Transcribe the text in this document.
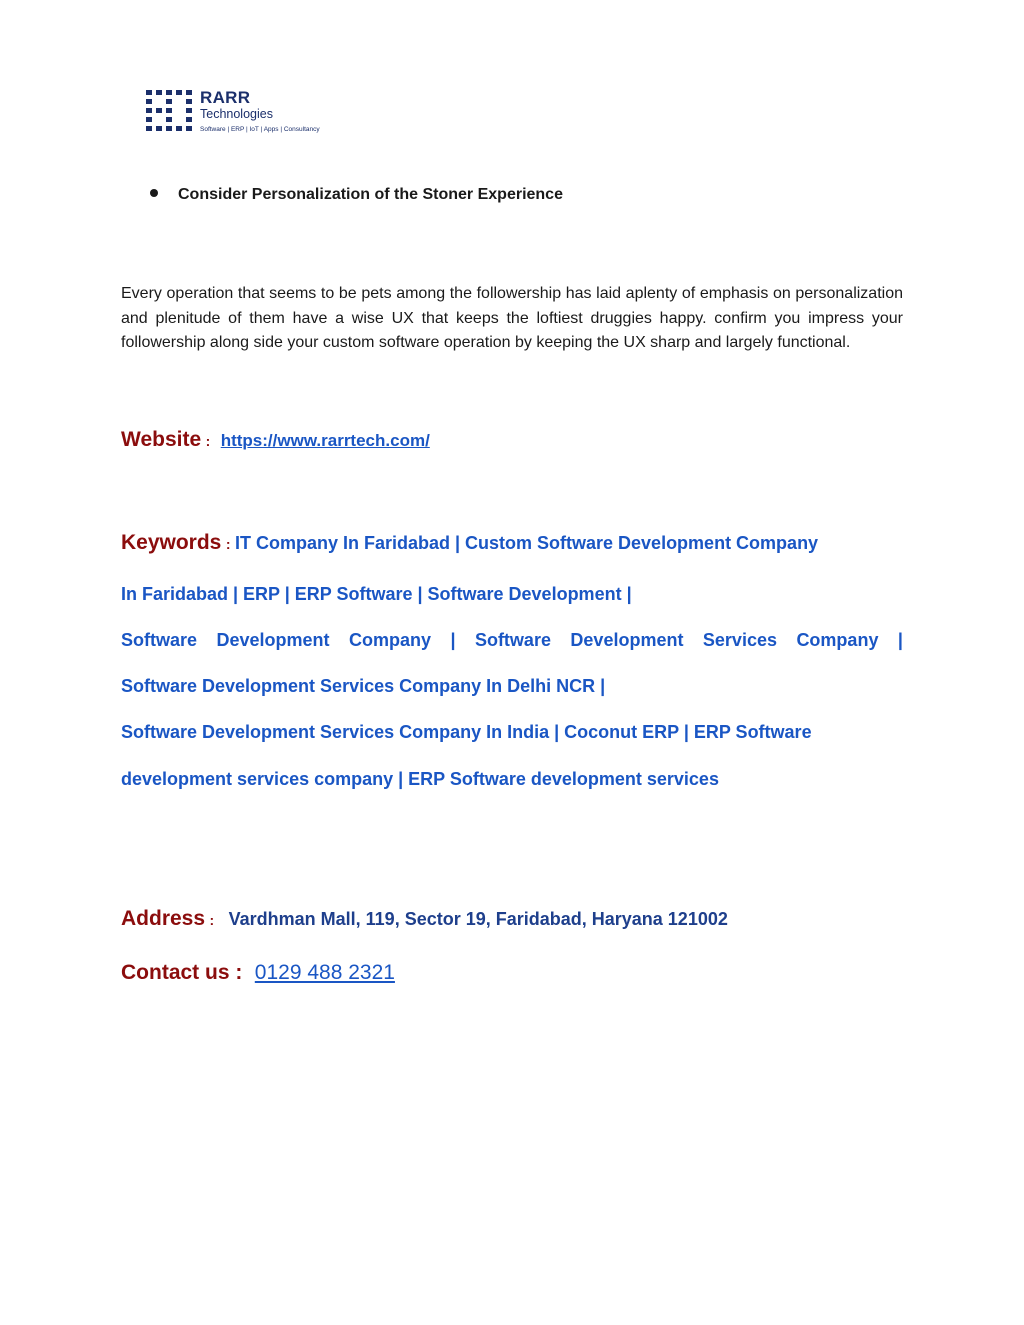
RARR
Technologies
Software | ERP | IoT | Apps | Consultancy
Consider Personalization of the Stoner Experience
Every operation that seems to be pets among the followership has laid aplenty of emphasis on personalization and plenitude of them have a wise UX that keeps the loftiest druggies happy. confirm you impress your followership along side your custom software operation by keeping the UX sharp and largely functional.
Website : https://www.rarrtech.com/
Keywords : IT Company In Faridabad | Custom Software Development Company
In Faridabad | ERP | ERP Software | Software Development |
Software Development Company | Software Development Services Company |
Software Development Services Company In Delhi NCR |
Software Development Services Company In India | Coconut ERP | ERP Software
development services company | ERP Software development services
Address : Vardhman Mall, 119, Sector 19, Faridabad, Haryana 121002
Contact us : 0129 488 2321
